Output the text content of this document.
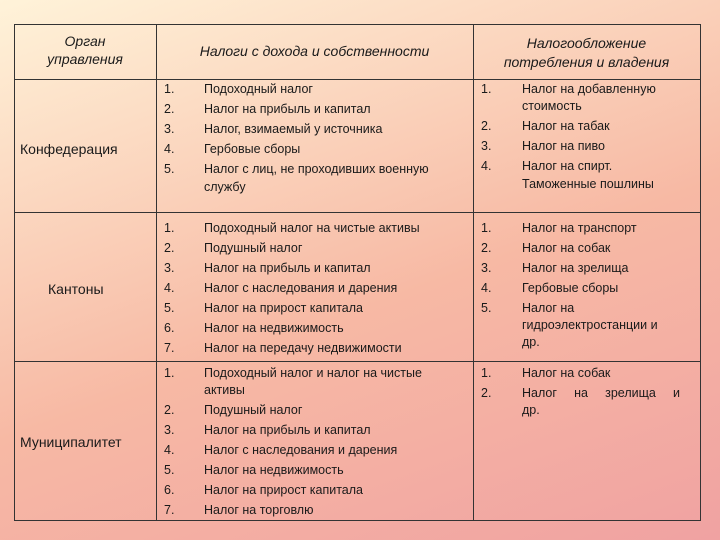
Орган
управления	Налоги с дохода и собственности	Налогообложение
потребления и владения
Конфедерация
1.
2.
3.
4.
5.
Подоходный налог
Налог на прибыль и капитал
Налог, взимаемый у источника
Гербовые сборы
Налог с лиц, не проходивших военную
службу
1.
2.
3.
4.
Налог на добавленную
стоимость
Налог на табак
Налог на пиво
Налог на спирт.
Таможенные пошлины
Кантоны
1.
2.
3.
4.
5.
6.
7.
Подоходный налог на чистые активы
Подушный налог
Налог на прибыль и капитал
Налог с наследования и дарения
Налог на прирост капитала
Налог на недвижимость
Налог на передачу недвижимости
1.
2.
3.
4.
5.
Налог на транспорт
Налог на собак
Налог на зрелища
Гербовые сборы
Налог на
гидроэлектростанции и
др.
Муниципалитет
1.
2.
3.
4.
5.
6.
7.
Подоходный налог и налог на чистые
активы
Подушный налог
Налог на прибыль и капитал
Налог с наследования и дарения
Налог на недвижимость
Налог на прирост капитала
Налог на торговлю
1.
2.
Налог на собак
Налог на зрелища и
др.
